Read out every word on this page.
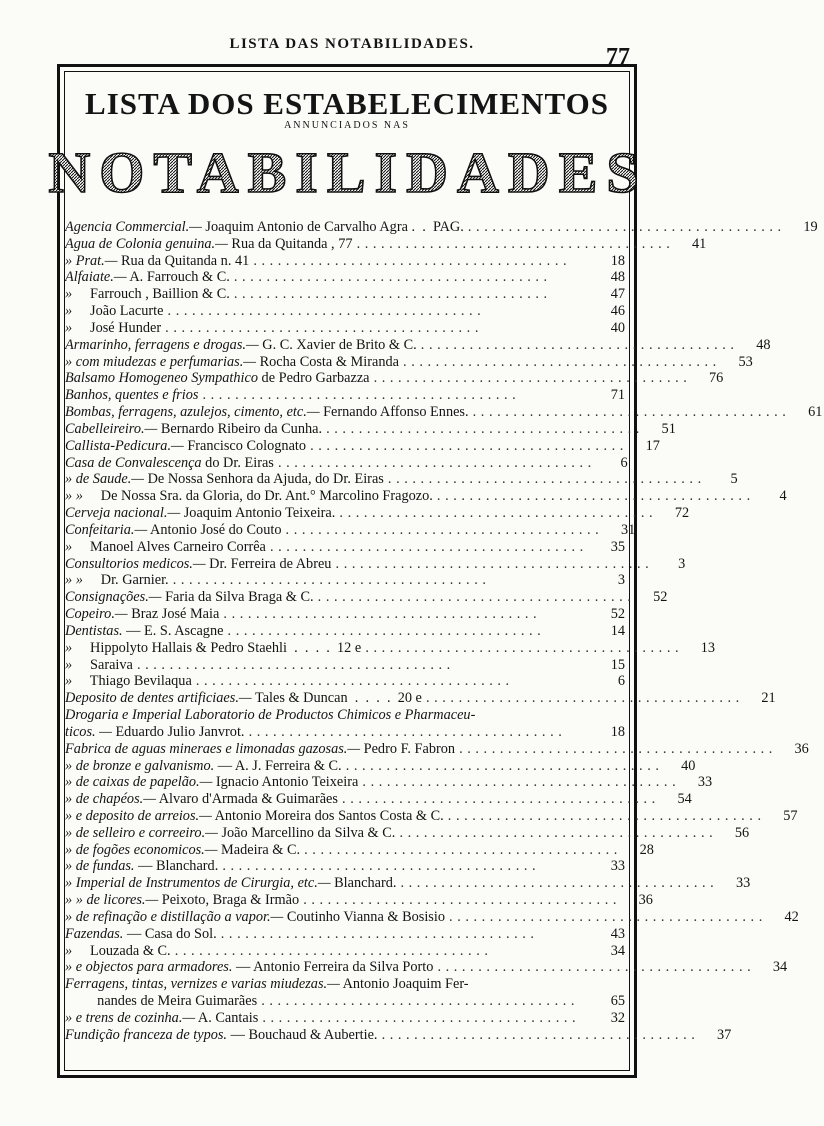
LISTA DAS NOTABILIDADES.	77
LISTA DOS ESTABELECIMENTOS
ANNUNCIADOS NAS
NOTABILIDADES
Agencia Commercial.— Joaquim Antonio de Carvalho Agra .  .  PAG. . . . . . . . . . . . . . . . . . . . . . . . . . . . . . . . . . . . . . . .	19
Agua de Colonia genuina.— Rua da Quitanda , 77 . . . . . . . . . . . . . . . . . . . . . . . . . . . . . . . . . . . . . . .	41
» Prat.— Rua da Quitanda n. 41 . . . . . . . . . . . . . . . . . . . . . . . . . . . . . . . . . . . . . . .	18
Alfaiate.— A. Farrouch & C. . . . . . . . . . . . . . . . . . . . . . . . . . . . . . . . . . . . . . . .	48
»     Farrouch , Baillion & C. . . . . . . . . . . . . . . . . . . . . . . . . . . . . . . . . . . . . . . .	47
»     João Lacurte . . . . . . . . . . . . . . . . . . . . . . . . . . . . . . . . . . . . . . .	46
»     José Hunder . . . . . . . . . . . . . . . . . . . . . . . . . . . . . . . . . . . . . . .	40
Armarinho, ferragens e drogas.— G. C. Xavier de Brito & C. . . . . . . . . . . . . . . . . . . . . . . . . . . . . . . . . . . . . . . .	48
» com miudezas e perfumarias.— Rocha Costa & Miranda . . . . . . . . . . . . . . . . . . . . . . . . . . . . . . . . . . . . . . .	53
Balsamo Homogeneo Sympathico de Pedro Garbazza . . . . . . . . . . . . . . . . . . . . . . . . . . . . . . . . . . . . . . .	76
Banhos, quentes e frios . . . . . . . . . . . . . . . . . . . . . . . . . . . . . . . . . . . . . . .	71
Bombas, ferragens, azulejos, cimento, etc.— Fernando Affonso Ennes. . . . . . . . . . . . . . . . . . . . . . . . . . . . . . . . . . . . . . . .	61
Cabelleireiro.— Bernardo Ribeiro da Cunha. . . . . . . . . . . . . . . . . . . . . . . . . . . . . . . . . . . . . . . .	51
Callista-Pedicura.— Francisco Colognato . . . . . . . . . . . . . . . . . . . . . . . . . . . . . . . . . . . . . . .	17
Casa de Convalescença do Dr. Eiras . . . . . . . . . . . . . . . . . . . . . . . . . . . . . . . . . . . . . . .	6
» de Saude.— De Nossa Senhora da Ajuda, do Dr. Eiras . . . . . . . . . . . . . . . . . . . . . . . . . . . . . . . . . . . . . . .	5
» »     De Nossa Sra. da Gloria, do Dr. Ant.° Marcolino Fragozo. . . . . . . . . . . . . . . . . . . . . . . . . . . . . . . . . . . . . . . .	4
Cerveja nacional.— Joaquim Antonio Teixeira. . . . . . . . . . . . . . . . . . . . . . . . . . . . . . . . . . . . . . . .	72
Confeitaria.— Antonio José do Couto . . . . . . . . . . . . . . . . . . . . . . . . . . . . . . . . . . . . . . .	31
»     Manoel Alves Carneiro Corrêa . . . . . . . . . . . . . . . . . . . . . . . . . . . . . . . . . . . . . . .	35
Consultorios medicos.— Dr. Ferreira de Abreu . . . . . . . . . . . . . . . . . . . . . . . . . . . . . . . . . . . . . . .	3
» »     Dr. Garnier. . . . . . . . . . . . . . . . . . . . . . . . . . . . . . . . . . . . . . . .	3
Consignações.— Faria da Silva Braga & C. . . . . . . . . . . . . . . . . . . . . . . . . . . . . . . . . . . . . . . .	52
Copeiro.— Braz José Maia . . . . . . . . . . . . . . . . . . . . . . . . . . . . . . . . . . . . . . .	52
Dentistas. — E. S. Ascagne . . . . . . . . . . . . . . . . . . . . . . . . . . . . . . . . . . . . . . .	14
»     Hippolyto Hallais & Pedro Staehli  .  .  .  .  12 e . . . . . . . . . . . . . . . . . . . . . . . . . . . . . . . . . . . . . . .	13
»     Saraiva . . . . . . . . . . . . . . . . . . . . . . . . . . . . . . . . . . . . . . .	15
»     Thiago Bevilaqua . . . . . . . . . . . . . . . . . . . . . . . . . . . . . . . . . . . . . . .	6
Deposito de dentes artificiaes.— Tales & Duncan  .  .  .  .  20 e . . . . . . . . . . . . . . . . . . . . . . . . . . . . . . . . . . . . . . .	21
Drogaria e Imperial Laboratorio de Productos Chimicos e Pharmaceu-
ticos. — Eduardo Julio Janvrot. . . . . . . . . . . . . . . . . . . . . . . . . . . . . . . . . . . . . . . .	18
Fabrica de aguas mineraes e limonadas gazosas.— Pedro F. Fabron . . . . . . . . . . . . . . . . . . . . . . . . . . . . . . . . . . . . . . .	36
» de bronze e galvanismo. — A. J. Ferreira & C. . . . . . . . . . . . . . . . . . . . . . . . . . . . . . . . . . . . . . . .	40
» de caixas de papelão.— Ignacio Antonio Teixeira . . . . . . . . . . . . . . . . . . . . . . . . . . . . . . . . . . . . . . .	33
» de chapéos.— Alvaro d'Armada & Guimarães . . . . . . . . . . . . . . . . . . . . . . . . . . . . . . . . . . . . . . .	54
» e deposito de arreios.— Antonio Moreira dos Santos Costa & C. . . . . . . . . . . . . . . . . . . . . . . . . . . . . . . . . . . . . . . .	57
» de selleiro e correeiro.— João Marcellino da Silva & C. . . . . . . . . . . . . . . . . . . . . . . . . . . . . . . . . . . . . . . .	56
» de fogões economicos.— Madeira & C. . . . . . . . . . . . . . . . . . . . . . . . . . . . . . . . . . . . . . . .	28
» de fundas. — Blanchard. . . . . . . . . . . . . . . . . . . . . . . . . . . . . . . . . . . . . . . .	33
» Imperial de Instrumentos de Cirurgia, etc.— Blanchard. . . . . . . . . . . . . . . . . . . . . . . . . . . . . . . . . . . . . . . .	33
» » de licores.— Peixoto, Braga & Irmão . . . . . . . . . . . . . . . . . . . . . . . . . . . . . . . . . . . . . . .	36
» de refinação e distillação a vapor.— Coutinho Vianna & Bosisio . . . . . . . . . . . . . . . . . . . . . . . . . . . . . . . . . . . . . . .	42
Fazendas. — Casa do Sol. . . . . . . . . . . . . . . . . . . . . . . . . . . . . . . . . . . . . . . .	43
»     Louzada & C. . . . . . . . . . . . . . . . . . . . . . . . . . . . . . . . . . . . . . . .	34
» e objectos para armadores. — Antonio Ferreira da Silva Porto . . . . . . . . . . . . . . . . . . . . . . . . . . . . . . . . . . . . . . .	34
Ferragens, tintas, vernizes e varias miudezas.— Antonio Joaquim Fer-
nandes de Meira Guimarães . . . . . . . . . . . . . . . . . . . . . . . . . . . . . . . . . . . . . . .	65
» e trens de cozinha.— A. Cantais . . . . . . . . . . . . . . . . . . . . . . . . . . . . . . . . . . . . . . .	32
Fundição franceza de typos. — Bouchaud & Aubertie. . . . . . . . . . . . . . . . . . . . . . . . . . . . . . . . . . . . . . . .	37
